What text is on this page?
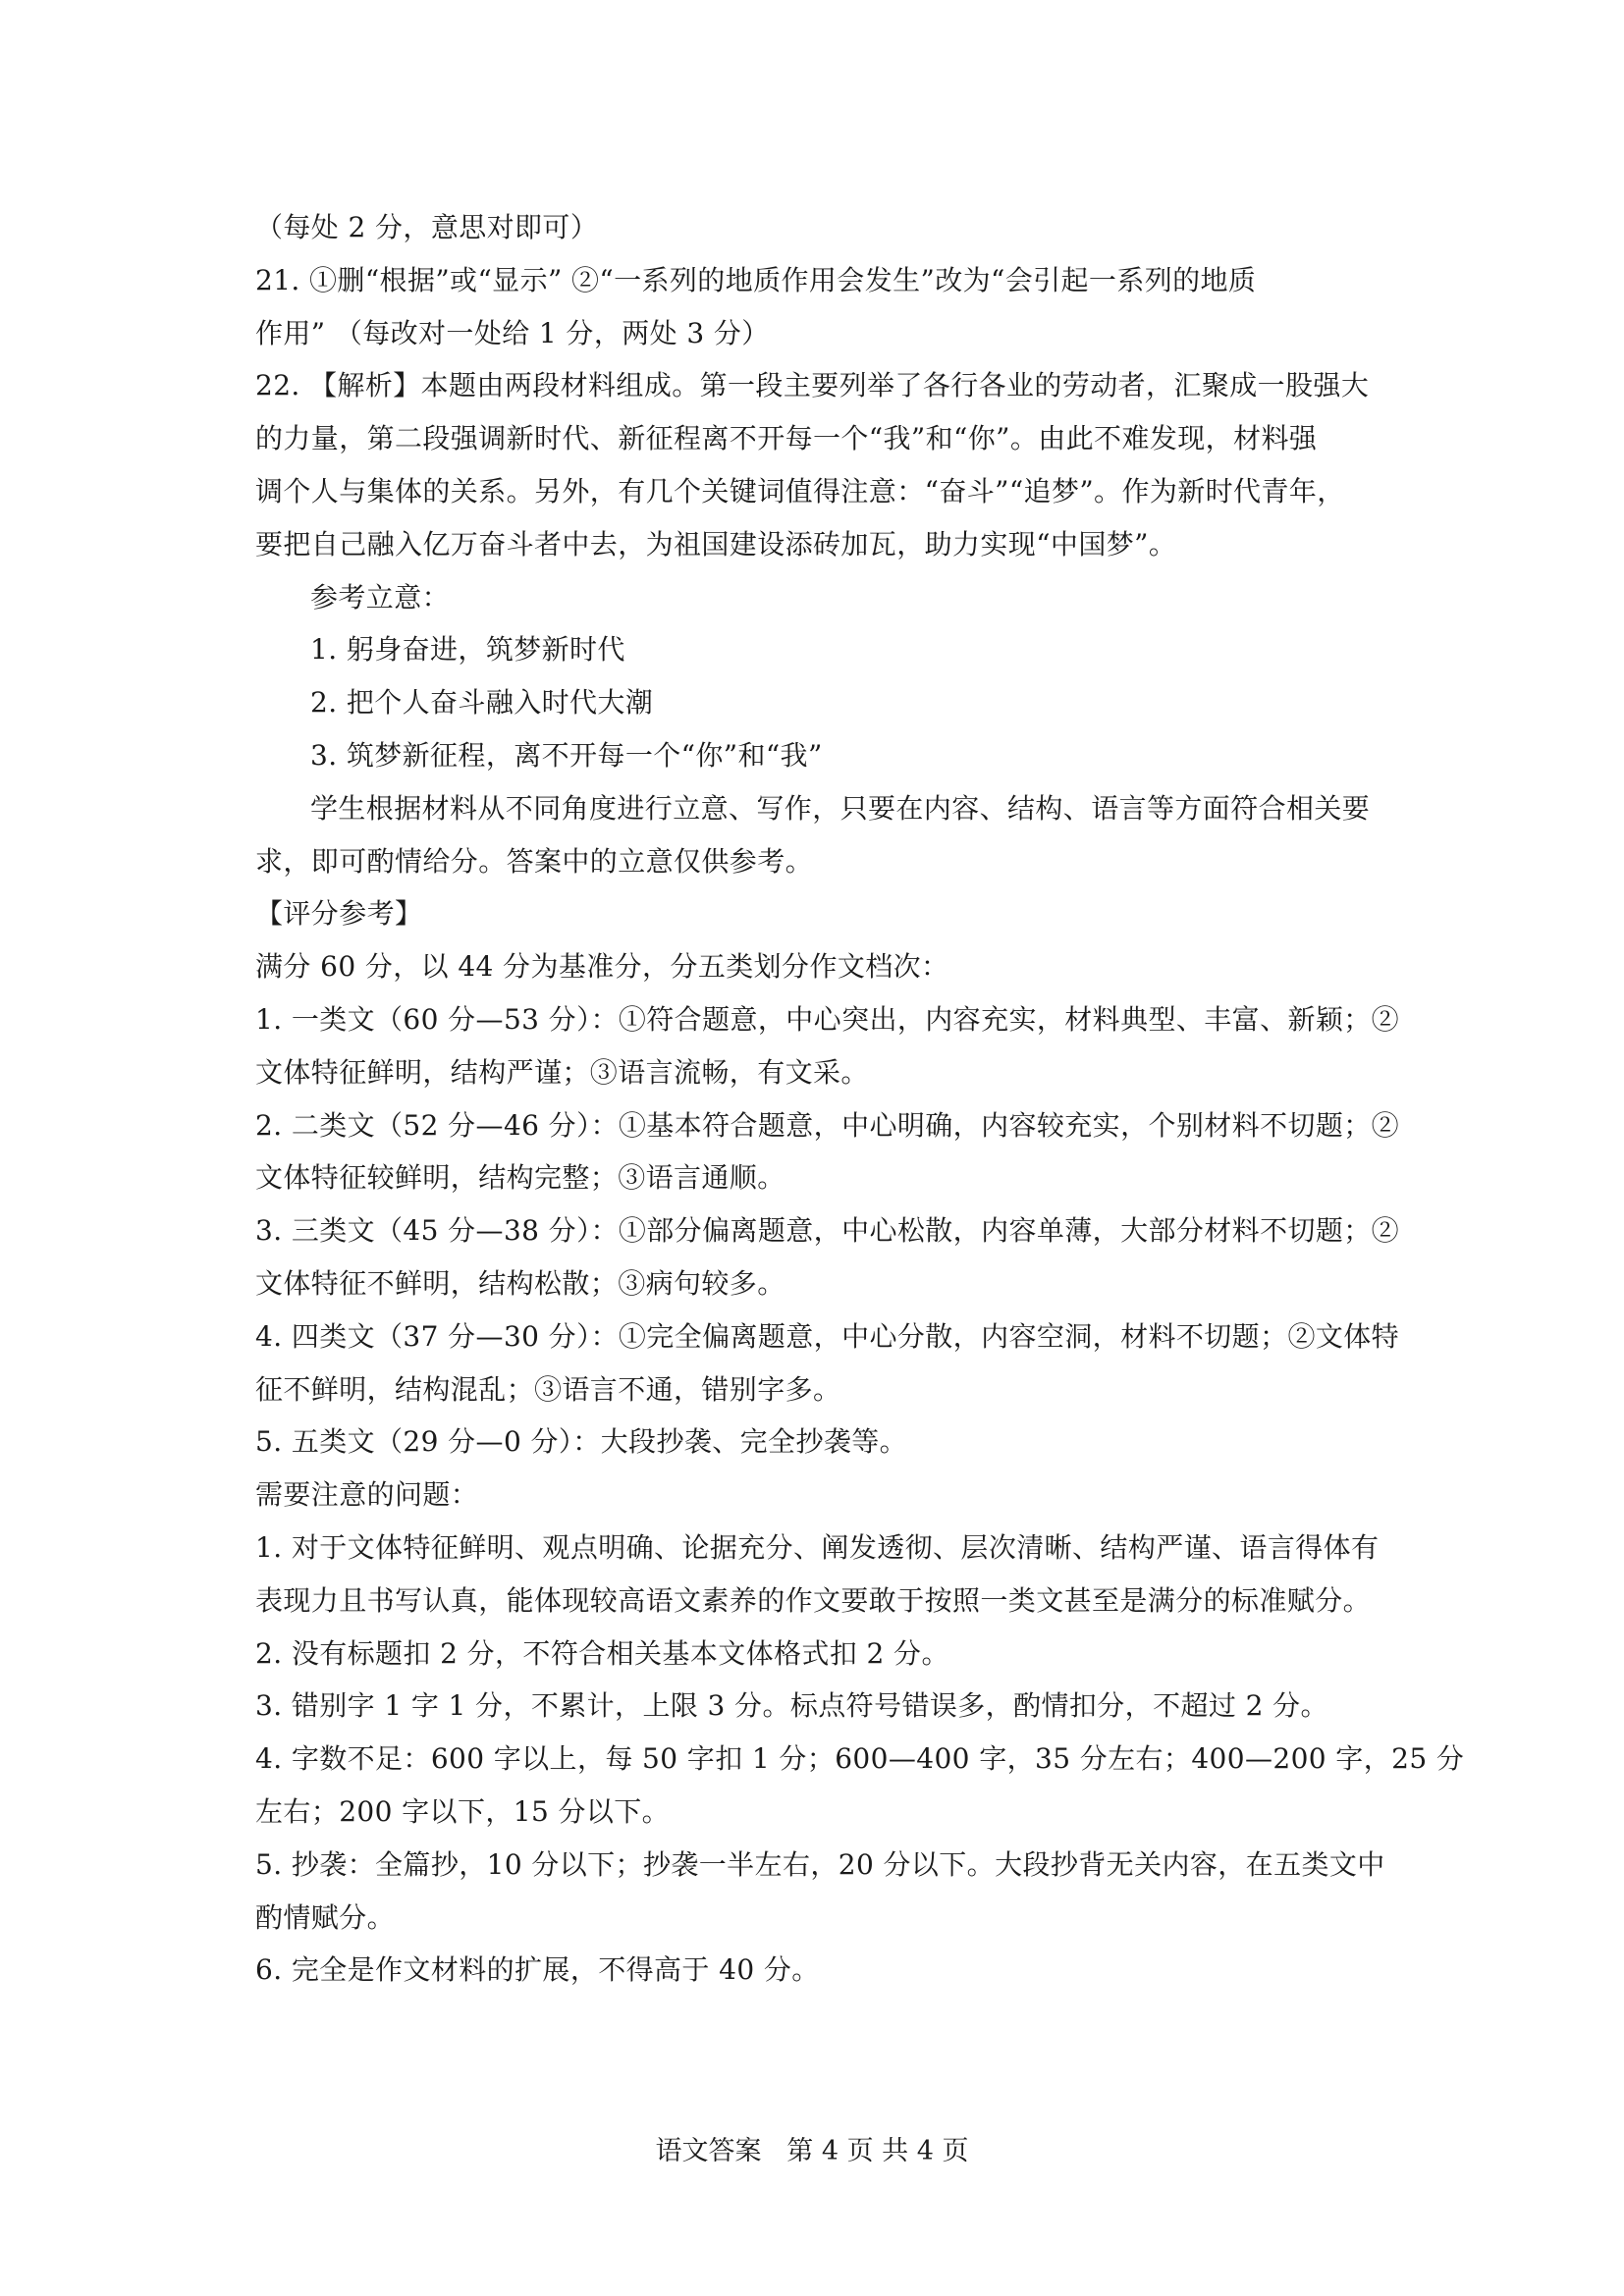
（每处 2 分，意思对即可）
21. ①删“根据”或“显示” ②“一系列的地质作用会发生”改为“会引起一系列的地质
作用” （每改对一处给 1 分，两处 3 分）
22. 【解析】本题由两段材料组成。第一段主要列举了各行各业的劳动者，汇聚成一股强大
的力量，第二段强调新时代、新征程离不开每一个“我”和“你”。由此不难发现，材料强
调个人与集体的关系。另外，有几个关键词值得注意：“奋斗”“追梦”。作为新时代青年，
要把自己融入亿万奋斗者中去，为祖国建设添砖加瓦，助力实现“中国梦”。
参考立意：
1. 躬身奋进，筑梦新时代
2. 把个人奋斗融入时代大潮
3. 筑梦新征程，离不开每一个“你”和“我”
学生根据材料从不同角度进行立意、写作，只要在内容、结构、语言等方面符合相关要
求，即可酌情给分。答案中的立意仅供参考。
【评分参考】
满分 60 分，以 44 分为基准分，分五类划分作文档次：
1. 一类文（60 分—53 分）：①符合题意，中心突出，内容充实，材料典型、丰富、新颖；②
文体特征鲜明，结构严谨；③语言流畅，有文采。
2. 二类文（52 分—46 分）：①基本符合题意，中心明确，内容较充实，个别材料不切题；②
文体特征较鲜明，结构完整；③语言通顺。
3. 三类文（45 分—38 分）：①部分偏离题意，中心松散，内容单薄，大部分材料不切题；②
文体特征不鲜明，结构松散；③病句较多。
4. 四类文（37 分—30 分）：①完全偏离题意，中心分散，内容空洞，材料不切题；②文体特
征不鲜明，结构混乱；③语言不通，错别字多。
5. 五类文（29 分—0 分）：大段抄袭、完全抄袭等。
需要注意的问题：
1. 对于文体特征鲜明、观点明确、论据充分、阐发透彻、层次清晰、结构严谨、语言得体有
表现力且书写认真，能体现较高语文素养的作文要敢于按照一类文甚至是满分的标准赋分。
2. 没有标题扣 2 分，不符合相关基本文体格式扣 2 分。
3. 错别字 1 字 1 分，不累计，上限 3 分。标点符号错误多，酌情扣分，不超过 2 分。
4. 字数不足：600 字以上，每 50 字扣 1 分；600—400 字，35 分左右；400—200 字，25 分
左右；200 字以下，15 分以下。
5. 抄袭：全篇抄，10 分以下；抄袭一半左右，20 分以下。大段抄背无关内容，在五类文中
酌情赋分。
6. 完全是作文材料的扩展，不得高于 40 分。
语文答案 第 4 页 共 4 页
